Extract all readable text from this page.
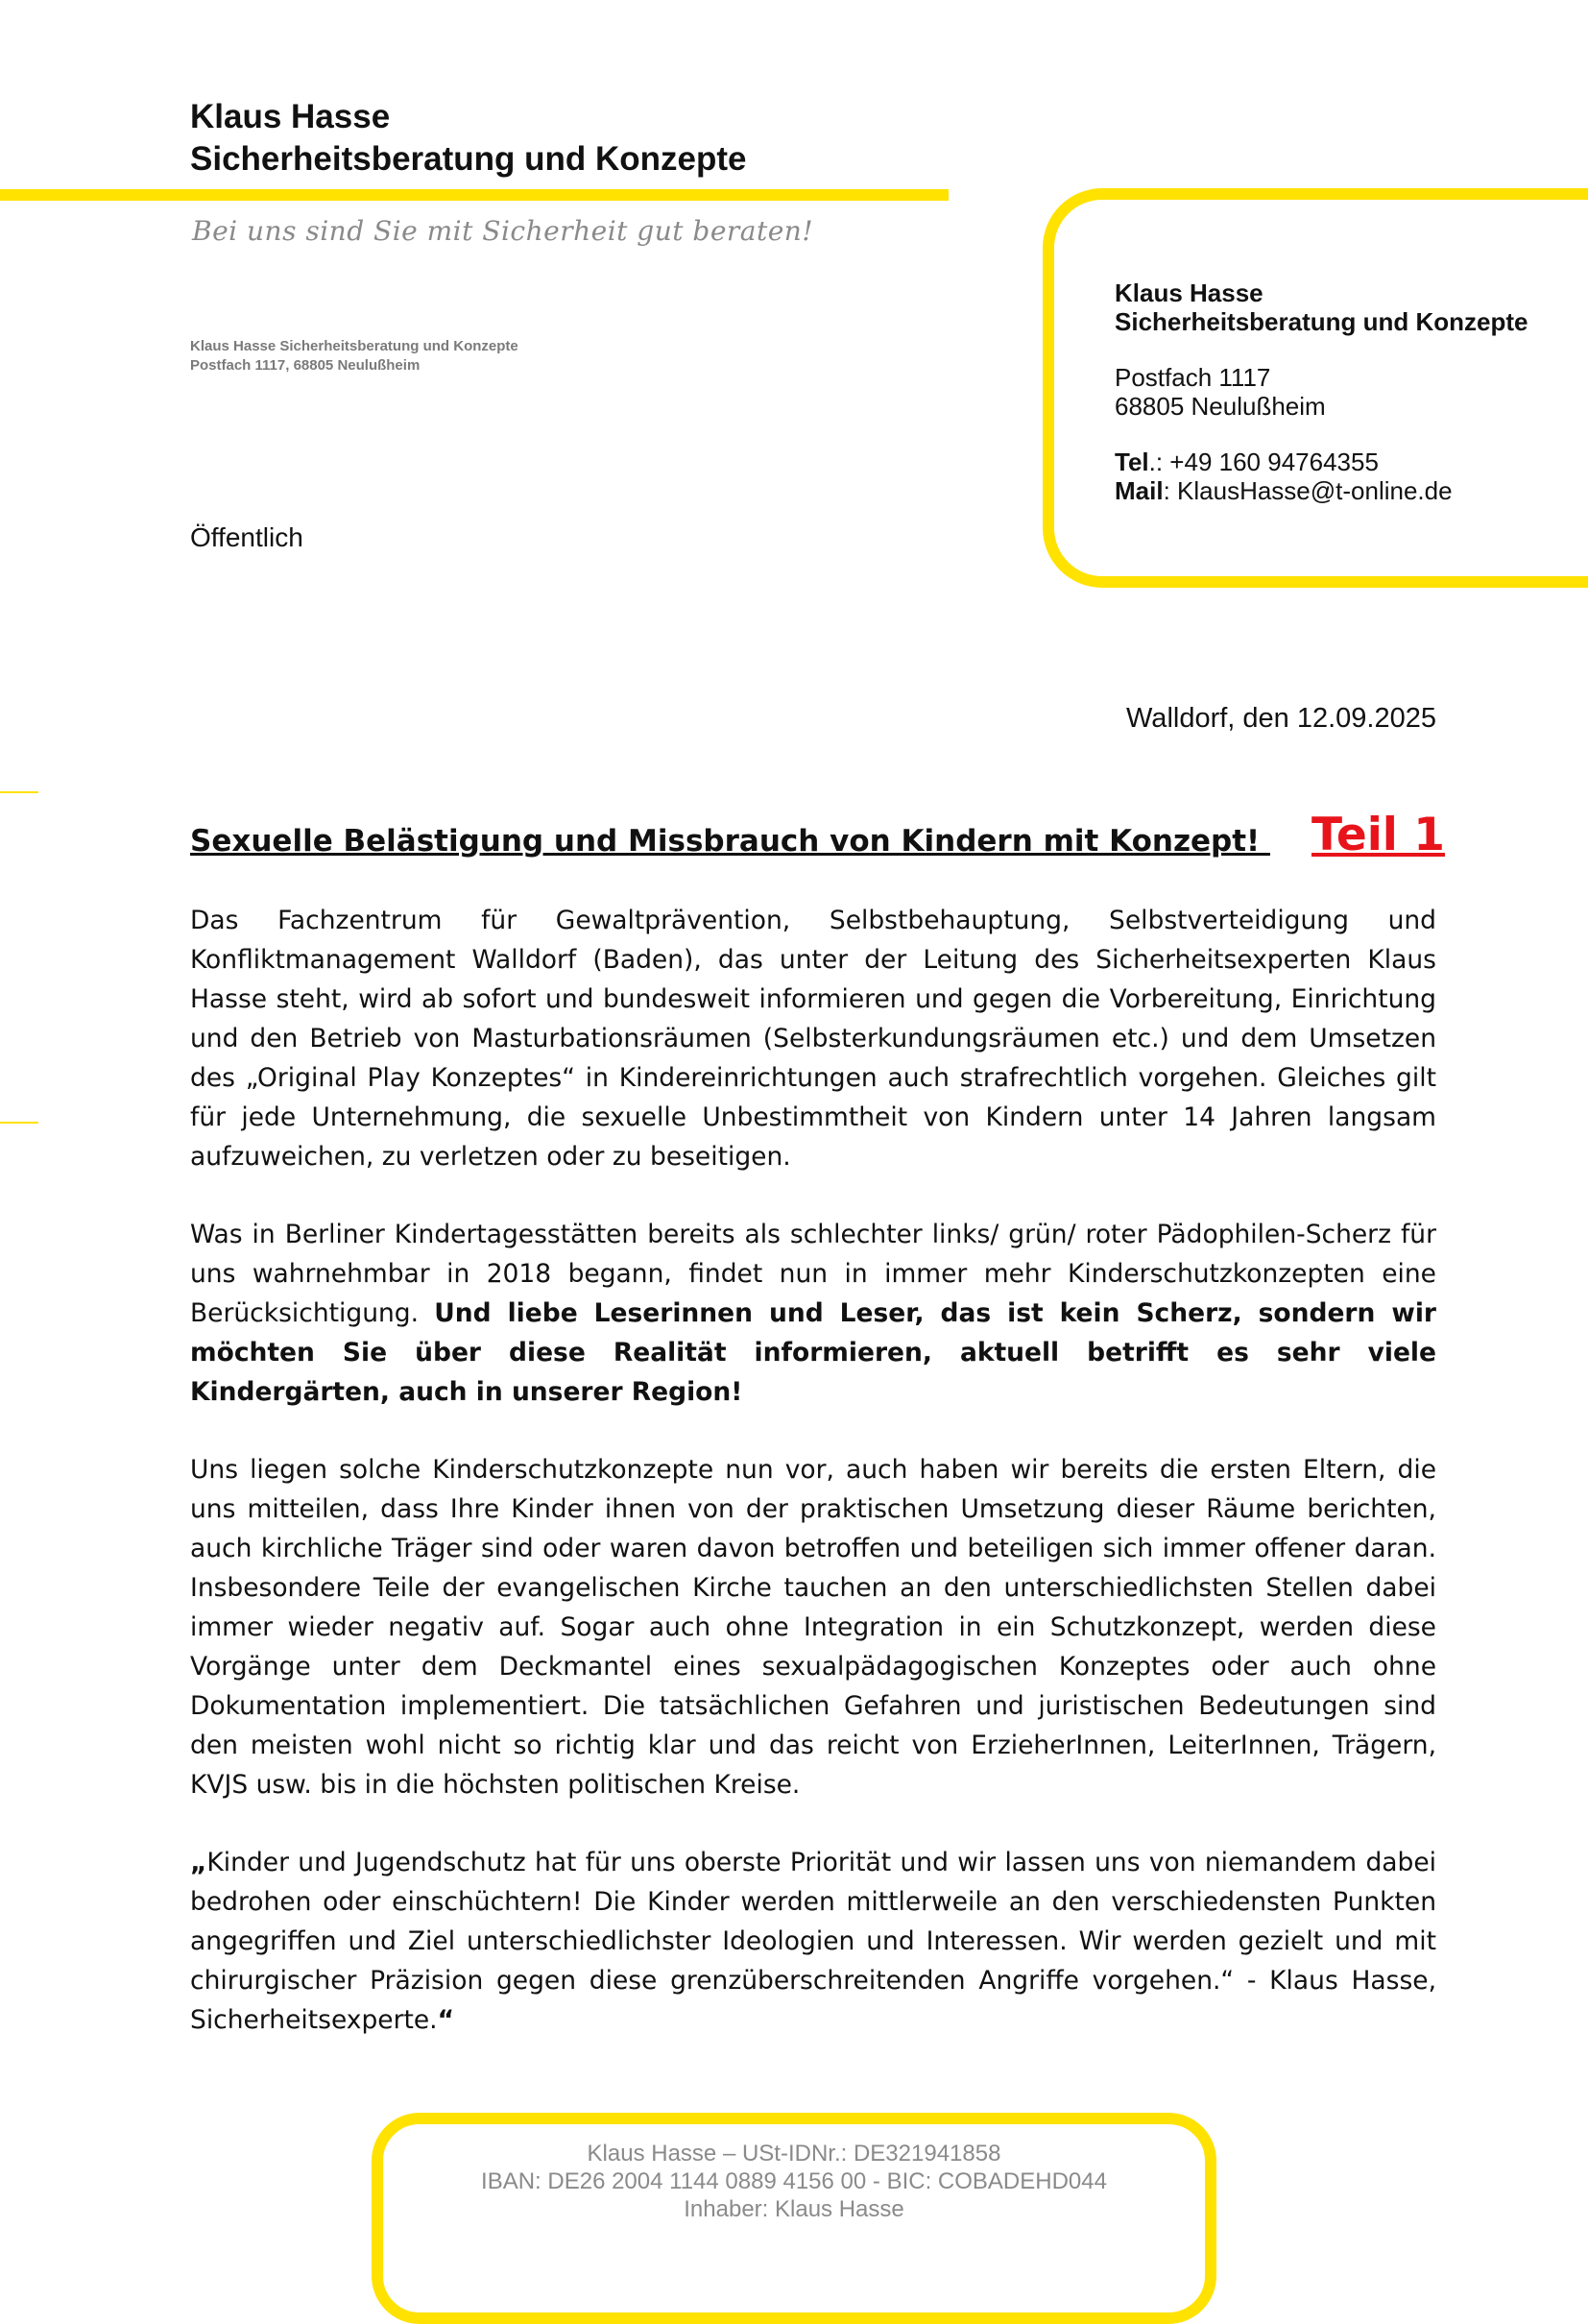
Klaus Hasse
Sicherheitsberatung und Konzepte
Bei uns sind Sie mit Sicherheit gut beraten!
Klaus Hasse Sicherheitsberatung und Konzepte
Postfach 1117, 68805 Neulußheim
Öffentlich
Klaus Hasse
Sicherheitsberatung und Konzepte
Postfach 1117
68805 Neulußheim
Tel.: +49 160 94764355
Mail: KlausHasse@t-online.de
Walldorf, den 12.09.2025
Sexuelle Belästigung und Missbrauch von Kindern mit Konzept! Teil 1

Das Fachzentrum für Gewaltprävention, Selbstbehauptung, Selbstverteidigung und Konfliktmanagement Walldorf (Baden), das unter der Leitung des Sicherheitsexperten Klaus Hasse steht, wird ab sofort und bundesweit informieren und gegen die Vorbereitung, Einrichtung und den Betrieb von Masturbationsräumen (Selbsterkundungsräumen etc.) und dem Umsetzen des „Original Play Konzeptes“ in Kindereinrichtungen auch strafrechtlich vorgehen. Gleiches gilt für jede Unternehmung, die sexuelle Unbestimmtheit von Kindern unter 14 Jahren langsam aufzuweichen, zu verletzen oder zu beseitigen.

Was in Berliner Kindertagesstätten bereits als schlechter links/ grün/ roter Pädophilen-Scherz für uns wahrnehmbar in 2018 begann, findet nun in immer mehr Kinderschutzkonzepten eine Berücksichtigung. Und liebe Leserinnen und Leser, das ist kein Scherz, sondern wir möchten Sie über diese Realität informieren, aktuell betrifft es sehr viele Kindergärten, auch in unserer Region!

Uns liegen solche Kinderschutzkonzepte nun vor, auch haben wir bereits die ersten Eltern, die uns mitteilen, dass Ihre Kinder ihnen von der praktischen Umsetzung dieser Räume berichten, auch kirchliche Träger sind oder waren davon betroffen und beteiligen sich immer offener daran. Insbesondere Teile der evangelischen Kirche tauchen an den unterschiedlichsten Stellen dabei immer wieder negativ auf. Sogar auch ohne Integration in ein Schutzkonzept, werden diese Vorgänge unter dem Deckmantel eines sexualpädagogischen Konzeptes oder auch ohne Dokumentation implementiert. Die tatsächlichen Gefahren und juristischen Bedeutungen sind den meisten wohl nicht so richtig klar und das reicht von ErzieherInnen, LeiterInnen, Trägern, KVJS usw. bis in die höchsten politischen Kreise.

„Kinder und Jugendschutz hat für uns oberste Priorität und wir lassen uns von niemandem dabei bedrohen oder einschüchtern! Die Kinder werden mittlerweile an den verschiedensten Punkten angegriffen und Ziel unterschiedlichster Ideologien und Interessen. Wir werden gezielt und mit chirurgischer Präzision gegen diese grenzüberschreitenden Angriffe vorgehen.“ - Klaus Hasse, Sicherheitsexperte.“

Klaus Hasse – USt-IDNr.: DE321941858
IBAN: DE26 2004 1144 0889 4156 00 - BIC: COBADEHD044
Inhaber: Klaus Hasse
